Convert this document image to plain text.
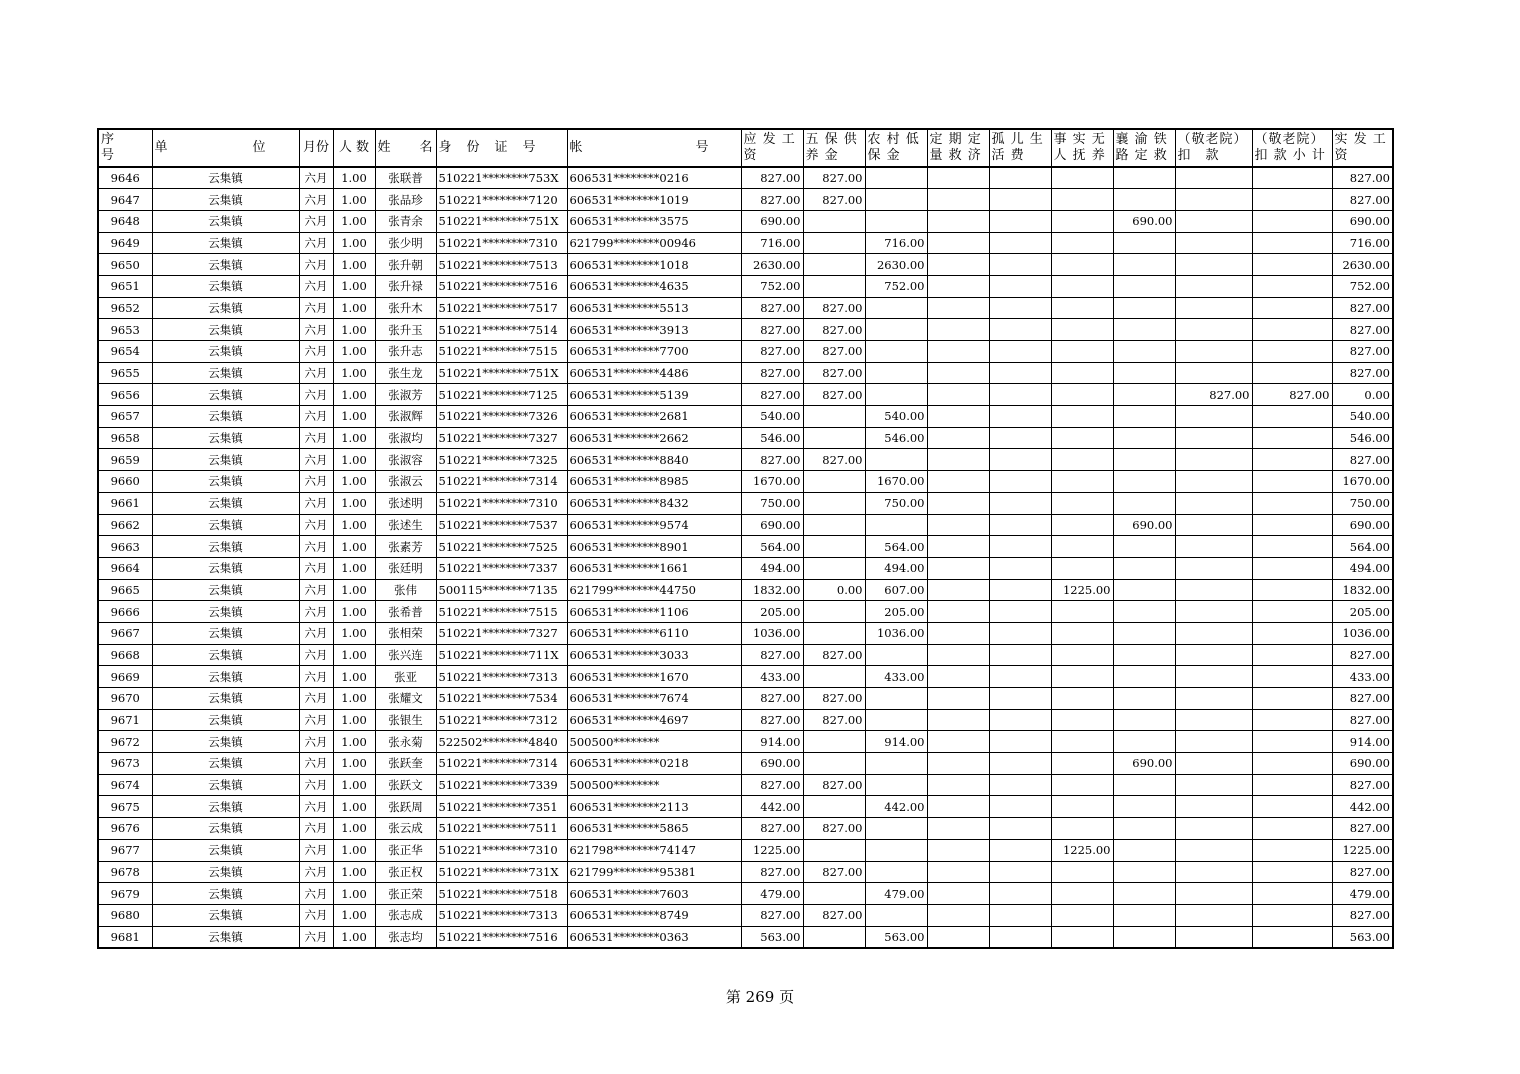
序　　号	单　　　　　　位	月份	人 数	姓　　名	身　份　证　号	帐　　　　　　　　号	应 发 工 资	五 保 供 养 金	农 村 低 保 金	定 期 定 量 救 济	孤 儿 生 活 费	事 实 无 人 抚 养	襄 渝 铁 路 定 救	（敬老院）扣　款	（敬老院）扣 款 小 计	实 发 工 资
9646	云集镇	六月	1.00	张联普	510221********753X	606531********0216	827.00	827.00								827.00
9647	云集镇	六月	1.00	张品珍	510221********7120	606531********1019	827.00	827.00								827.00
9648	云集镇	六月	1.00	张青余	510221********751X	606531********3575	690.00						690.00			690.00
9649	云集镇	六月	1.00	张少明	510221********7310	621799********00946	716.00		716.00							716.00
9650	云集镇	六月	1.00	张升朝	510221********7513	606531********1018	2630.00		2630.00							2630.00
9651	云集镇	六月	1.00	张升禄	510221********7516	606531********4635	752.00		752.00							752.00
9652	云集镇	六月	1.00	张升木	510221********7517	606531********5513	827.00	827.00								827.00
9653	云集镇	六月	1.00	张升玉	510221********7514	606531********3913	827.00	827.00								827.00
9654	云集镇	六月	1.00	张升志	510221********7515	606531********7700	827.00	827.00								827.00
9655	云集镇	六月	1.00	张生龙	510221********751X	606531********4486	827.00	827.00								827.00
9656	云集镇	六月	1.00	张淑芳	510221********7125	606531********5139	827.00	827.00						827.00	827.00	0.00
9657	云集镇	六月	1.00	张淑辉	510221********7326	606531********2681	540.00		540.00							540.00
9658	云集镇	六月	1.00	张淑均	510221********7327	606531********2662	546.00		546.00							546.00
9659	云集镇	六月	1.00	张淑容	510221********7325	606531********8840	827.00	827.00								827.00
9660	云集镇	六月	1.00	张淑云	510221********7314	606531********8985	1670.00		1670.00							1670.00
9661	云集镇	六月	1.00	张述明	510221********7310	606531********8432	750.00		750.00							750.00
9662	云集镇	六月	1.00	张述生	510221********7537	606531********9574	690.00						690.00			690.00
9663	云集镇	六月	1.00	张素芳	510221********7525	606531********8901	564.00		564.00							564.00
9664	云集镇	六月	1.00	张廷明	510221********7337	606531********1661	494.00		494.00							494.00
9665	云集镇	六月	1.00	张伟	500115********7135	621799********44750	1832.00	0.00	607.00			1225.00				1832.00
9666	云集镇	六月	1.00	张希普	510221********7515	606531********1106	205.00		205.00							205.00
9667	云集镇	六月	1.00	张相荣	510221********7327	606531********6110	1036.00		1036.00							1036.00
9668	云集镇	六月	1.00	张兴连	510221********711X	606531********3033	827.00	827.00								827.00
9669	云集镇	六月	1.00	张亚	510221********7313	606531********1670	433.00		433.00							433.00
9670	云集镇	六月	1.00	张耀文	510221********7534	606531********7674	827.00	827.00								827.00
9671	云集镇	六月	1.00	张银生	510221********7312	606531********4697	827.00	827.00								827.00
9672	云集镇	六月	1.00	张永菊	522502********4840	500500********	914.00		914.00							914.00
9673	云集镇	六月	1.00	张跃奎	510221********7314	606531********0218	690.00						690.00			690.00
9674	云集镇	六月	1.00	张跃文	510221********7339	500500********	827.00	827.00								827.00
9675	云集镇	六月	1.00	张跃周	510221********7351	606531********2113	442.00		442.00							442.00
9676	云集镇	六月	1.00	张云成	510221********7511	606531********5865	827.00	827.00								827.00
9677	云集镇	六月	1.00	张正华	510221********7310	621798********74147	1225.00					1225.00				1225.00
9678	云集镇	六月	1.00	张正权	510221********731X	621799********95381	827.00	827.00								827.00
9679	云集镇	六月	1.00	张正荣	510221********7518	606531********7603	479.00		479.00							479.00
9680	云集镇	六月	1.00	张志成	510221********7313	606531********8749	827.00	827.00								827.00
9681	云集镇	六月	1.00	张志均	510221********7516	606531********0363	563.00		563.00							563.00
第 269 页
